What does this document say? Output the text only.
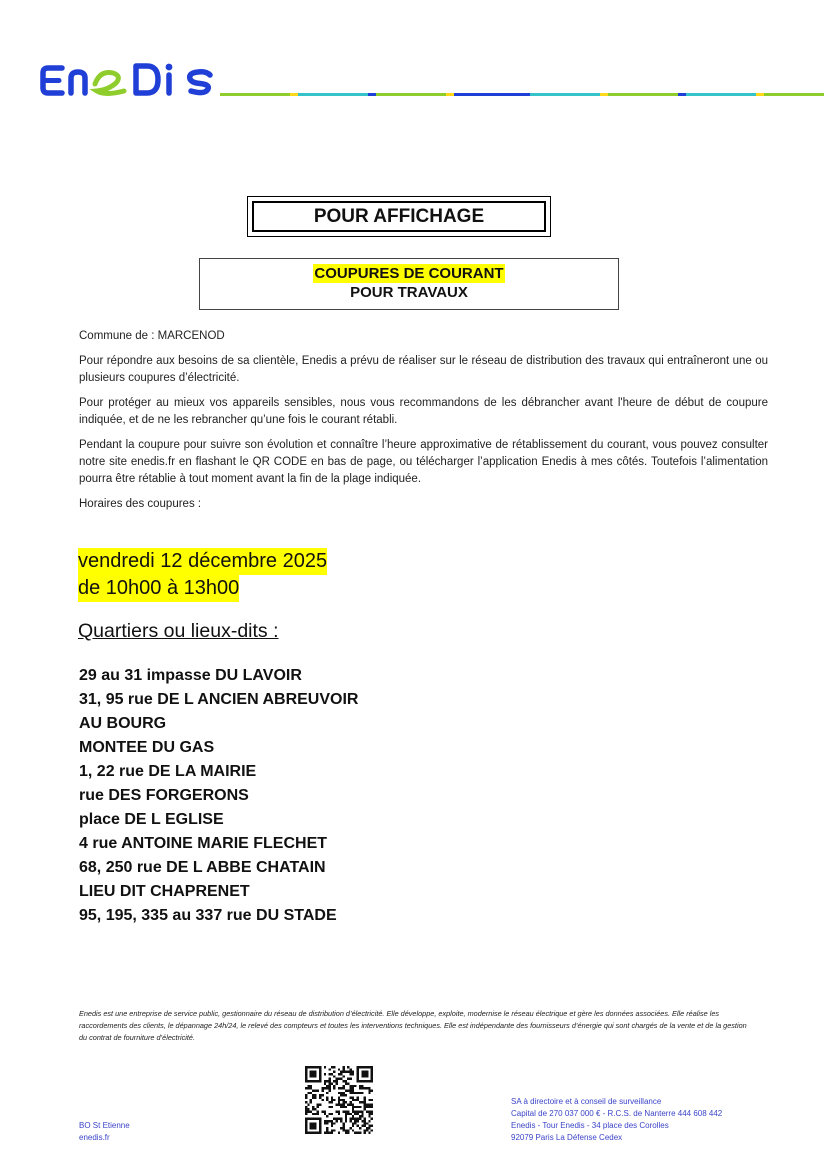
POUR AFFICHAGE
COUPURES DE COURANT
POUR TRAVAUX
Commune de : MARCENOD
Pour répondre aux besoins de sa clientèle, Enedis a prévu de réaliser sur le réseau de distribution des travaux qui entraîneront une ou plusieurs coupures d’électricité.
Pour protéger au mieux vos appareils sensibles, nous vous recommandons de les débrancher avant l'heure de début de coupure indiquée, et de ne les rebrancher qu’une fois le courant rétabli.
Pendant la coupure pour suivre son évolution et connaître l’heure approximative de rétablissement du courant, vous pouvez consulter notre site enedis.fr en flashant le QR CODE en bas de page, ou télécharger l’application Enedis à mes côtés. Toutefois l’alimentation pourra être rétablie à tout moment avant la fin de la plage indiquée.
Horaires des coupures :
vendredi 12 décembre 2025
de 10h00 à 13h00
Quartiers ou lieux-dits :
29 au 31 impasse DU LAVOIR
31, 95 rue DE L ANCIEN ABREUVOIR
AU BOURG
MONTEE DU GAS
1, 22 rue DE LA MAIRIE
rue DES FORGERONS
place DE L EGLISE
4 rue ANTOINE MARIE FLECHET
68, 250 rue DE L ABBE CHATAIN
LIEU DIT CHAPRENET
95, 195, 335 au 337 rue DU STADE
Enedis est une entreprise de service public, gestionnaire du réseau de distribution d’électricité. Elle développe, exploite, modernise le réseau électrique et gère les données associées. Elle réalise les raccordements des clients, le dépannage 24h/24, le relevé des compteurs et toutes les interventions techniques. Elle est indépendante des fournisseurs d’énergie qui sont chargés de la vente et de la gestion du contrat de fourniture d’électricité.
BO St Etienne
enedis.fr
SA à directoire et à conseil de surveillance
Capital de 270 037 000 € - R.C.S. de Nanterre 444 608 442
Enedis - Tour Enedis - 34 place des Corolles
92079 Paris La Défense Cedex
